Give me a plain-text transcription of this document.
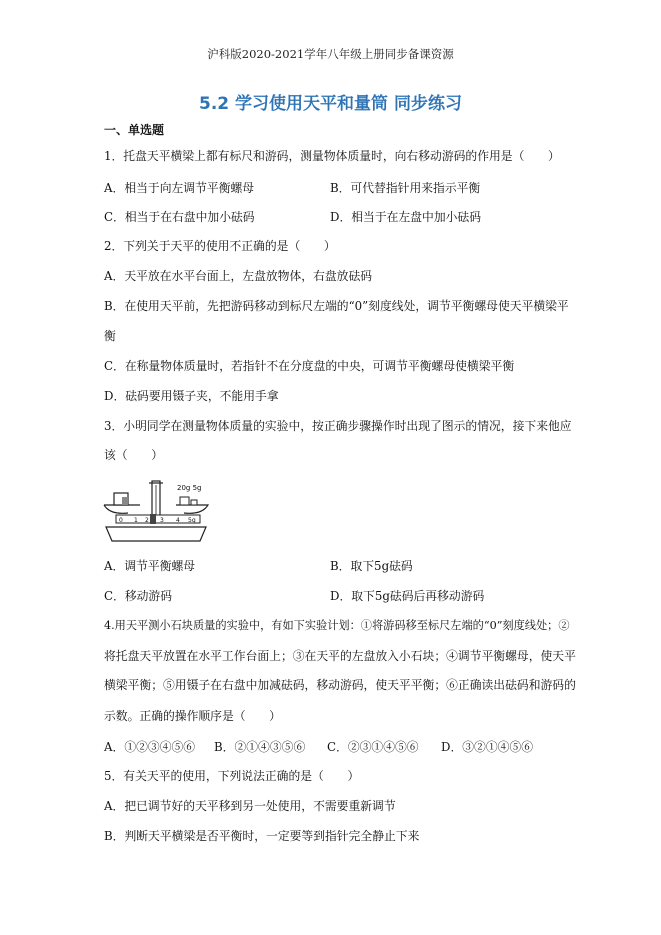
沪科版2020-2021学年八年级上册同步备课资源
5.2 学习使用天平和量筒 同步练习
一、单选题
1．托盘天平横梁上都有标尺和游码，测量物体质量时，向右移动游码的作用是（　　）
A．相当于向左调节平衡螺母	B．可代替指针用来指示平衡
C．相当于在右盘中加小砝码	D．相当于在左盘中加小砝码
2．下列关于天平的使用不正确的是（　　）
A．天平放在水平台面上，左盘放物体，右盘放砝码
B．在使用天平前，先把游码移动到标尺左端的“0”刻度线处，调节平衡螺母使天平横梁平
衡
C．在称量物体质量时，若指针不在分度盘的中央，可调节平衡螺母使横梁平衡
D．砝码要用镊子夹，不能用手拿
3．小明同学在测量物体质量的实验中，按正确步骤操作时出现了图示的情况，接下来他应
该（　　）
20g 5g
0 1 2 3 4 5g
A．调节平衡螺母	B．取下5g砝码
C．移动游码	D．取下5g砝码后再移动游码
4.用天平测小石块质量的实验中，有如下实验计划：①将游码移至标尺左端的“0”刻度线处；②
将托盘天平放置在水平工作台面上；③在天平的左盘放入小石块；④调节平衡螺母，使天平
横梁平衡；⑤用镊子在右盘中加减砝码，移动游码，使天平平衡；⑥正确读出砝码和游码的
示数。正确的操作顺序是（　　）
A．①②③④⑤⑥ B．②①④③⑤⑥ C．②③①④⑤⑥ D．③②①④⑤⑥
5．有关天平的使用，下列说法正确的是（　　）
A．把已调节好的天平移到另一处使用，不需要重新调节
B．判断天平横梁是否平衡时，一定要等到指针完全静止下来
